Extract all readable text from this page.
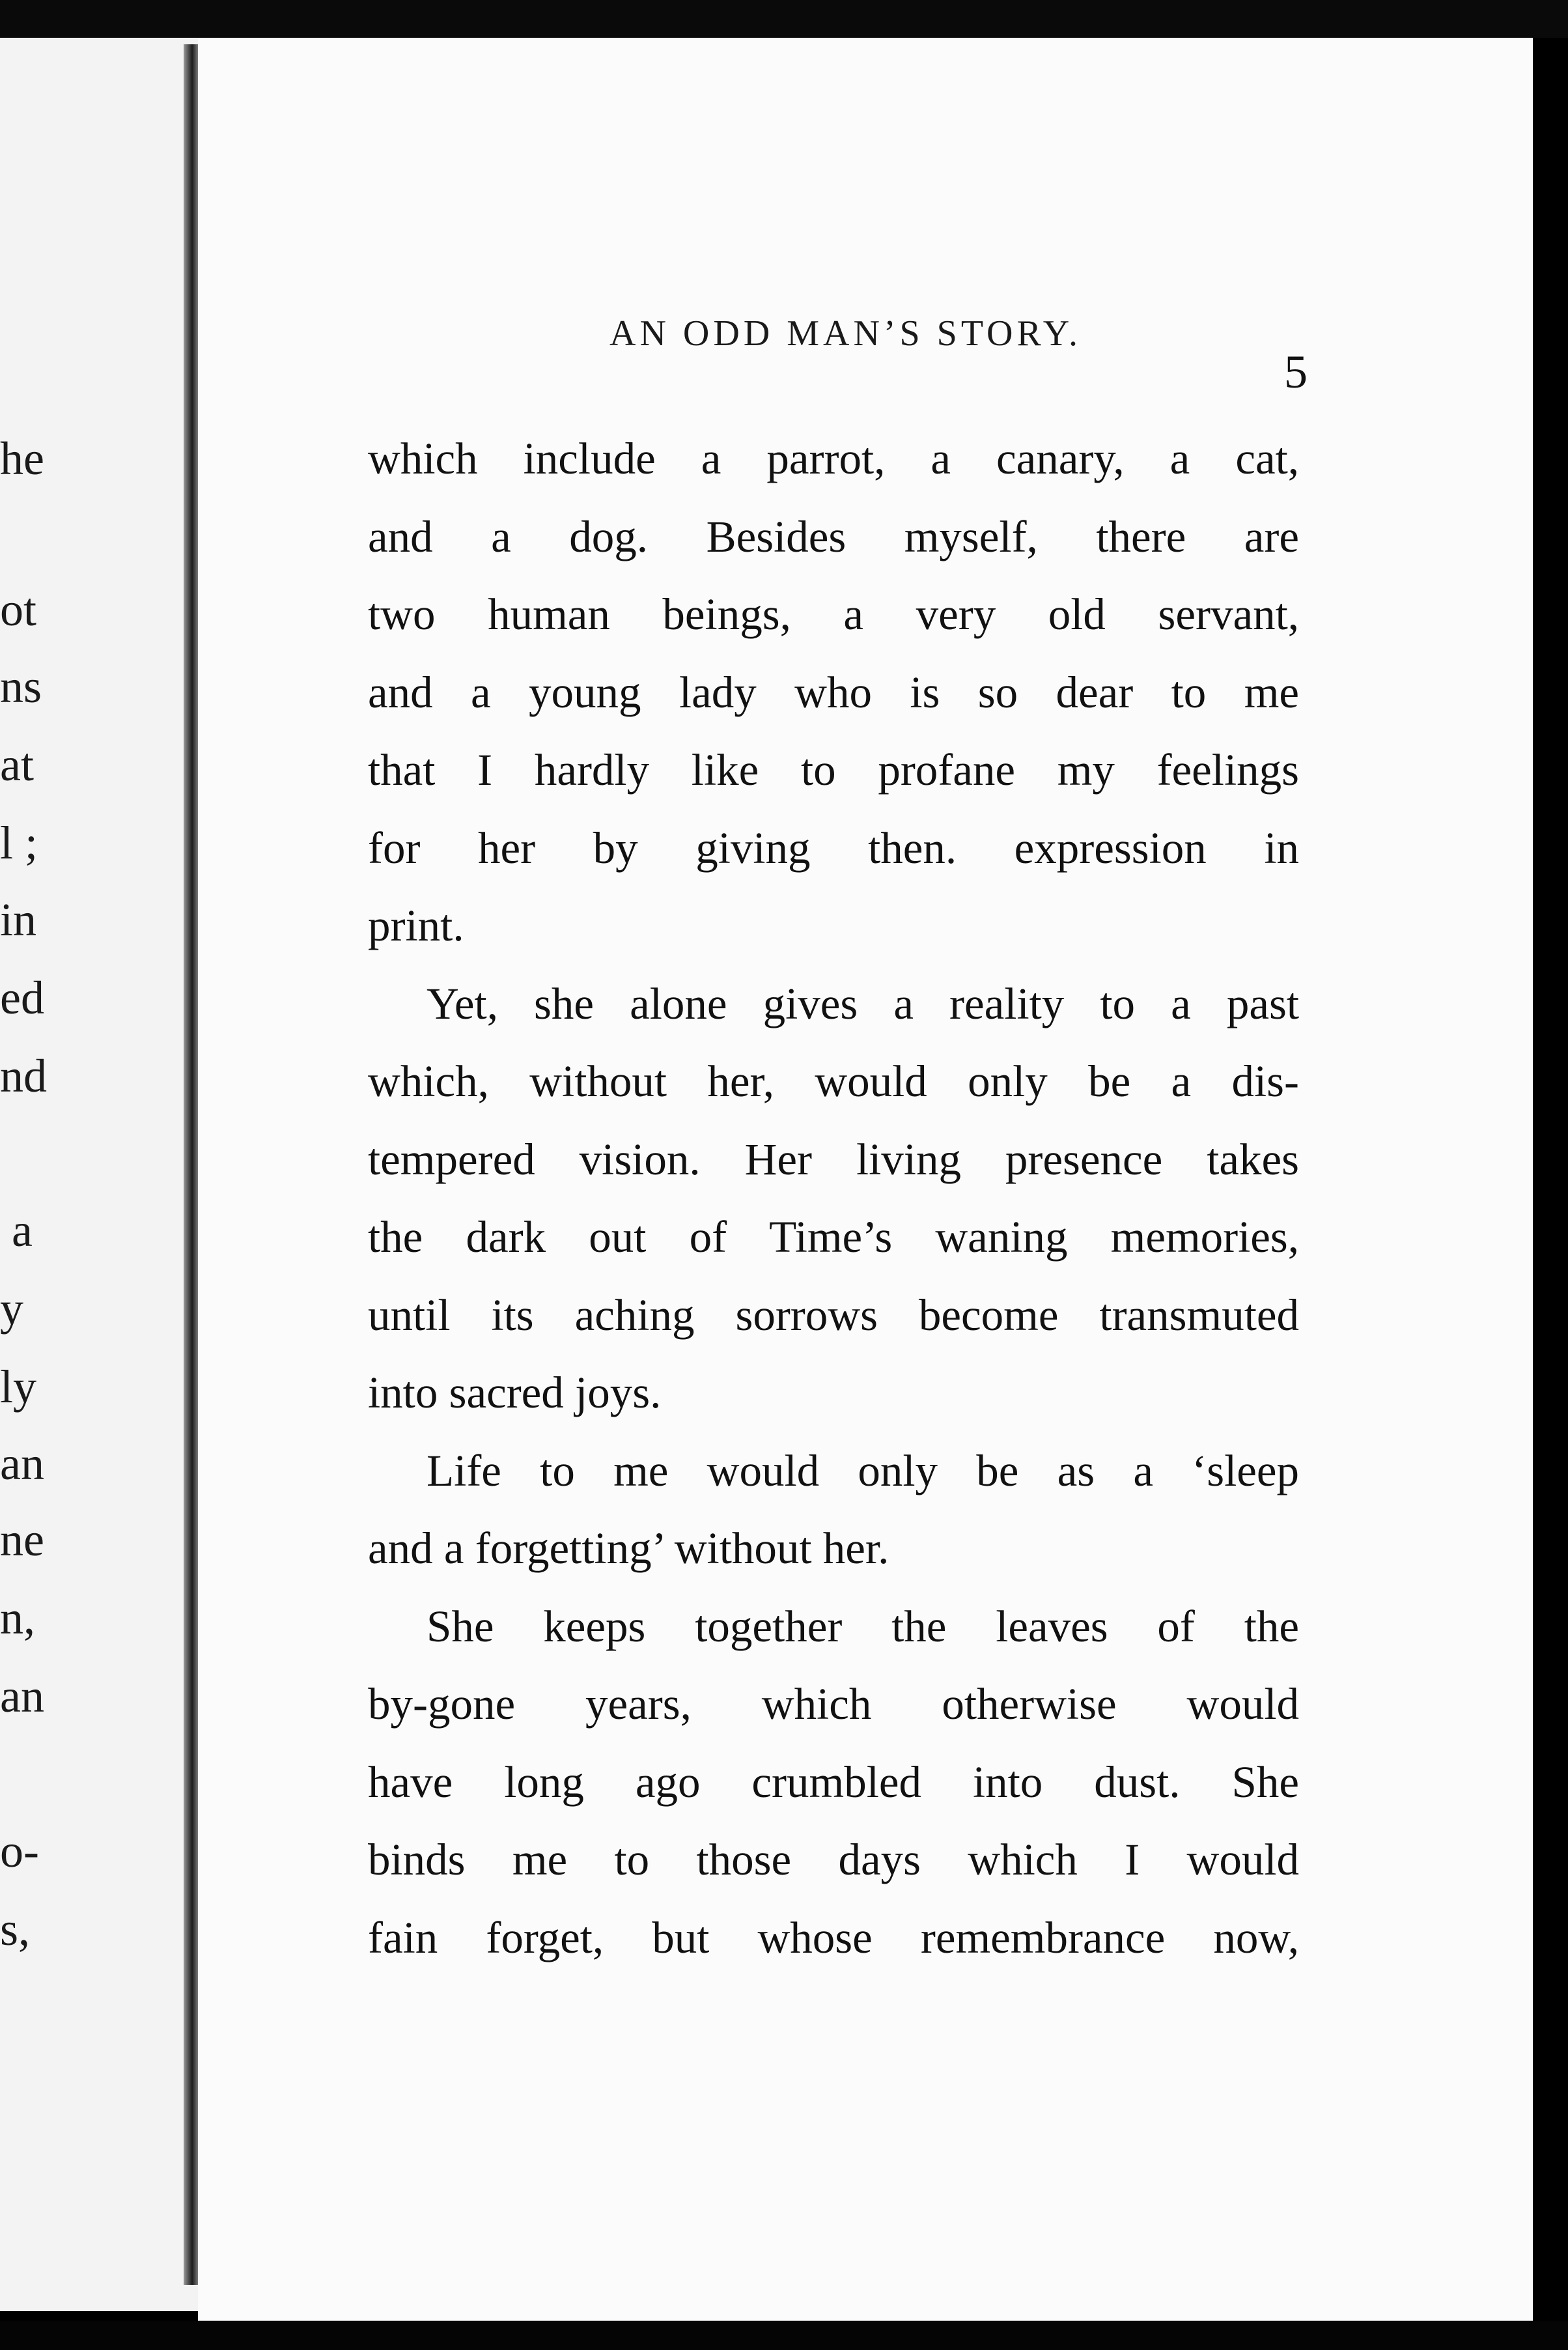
he
ot
ns
at
l ;
in
ed
nd
a
y
ly
an
ne
n,
an
o-
s,
AN ODD MAN’S STORY.
5
which include a parrot, a canary, a cat,
and a dog. Besides myself, there are
two human beings, a very old servant,
and a young lady who is so dear to me
that I hardly like to profane my feelings
for her by giving then. expression in
print.
Yet, she alone gives a reality to a past
which, without her, would only be a dis-
tempered vision. Her living presence takes
the dark out of Time’s waning memories,
until its aching sorrows become transmuted
into sacred joys.
Life to me would only be as a ‘sleep
and a forgetting’ without her.
She keeps together the leaves of the
by-gone years, which otherwise would
have long ago crumbled into dust. She
binds me to those days which I would
fain forget, but whose remembrance now,
